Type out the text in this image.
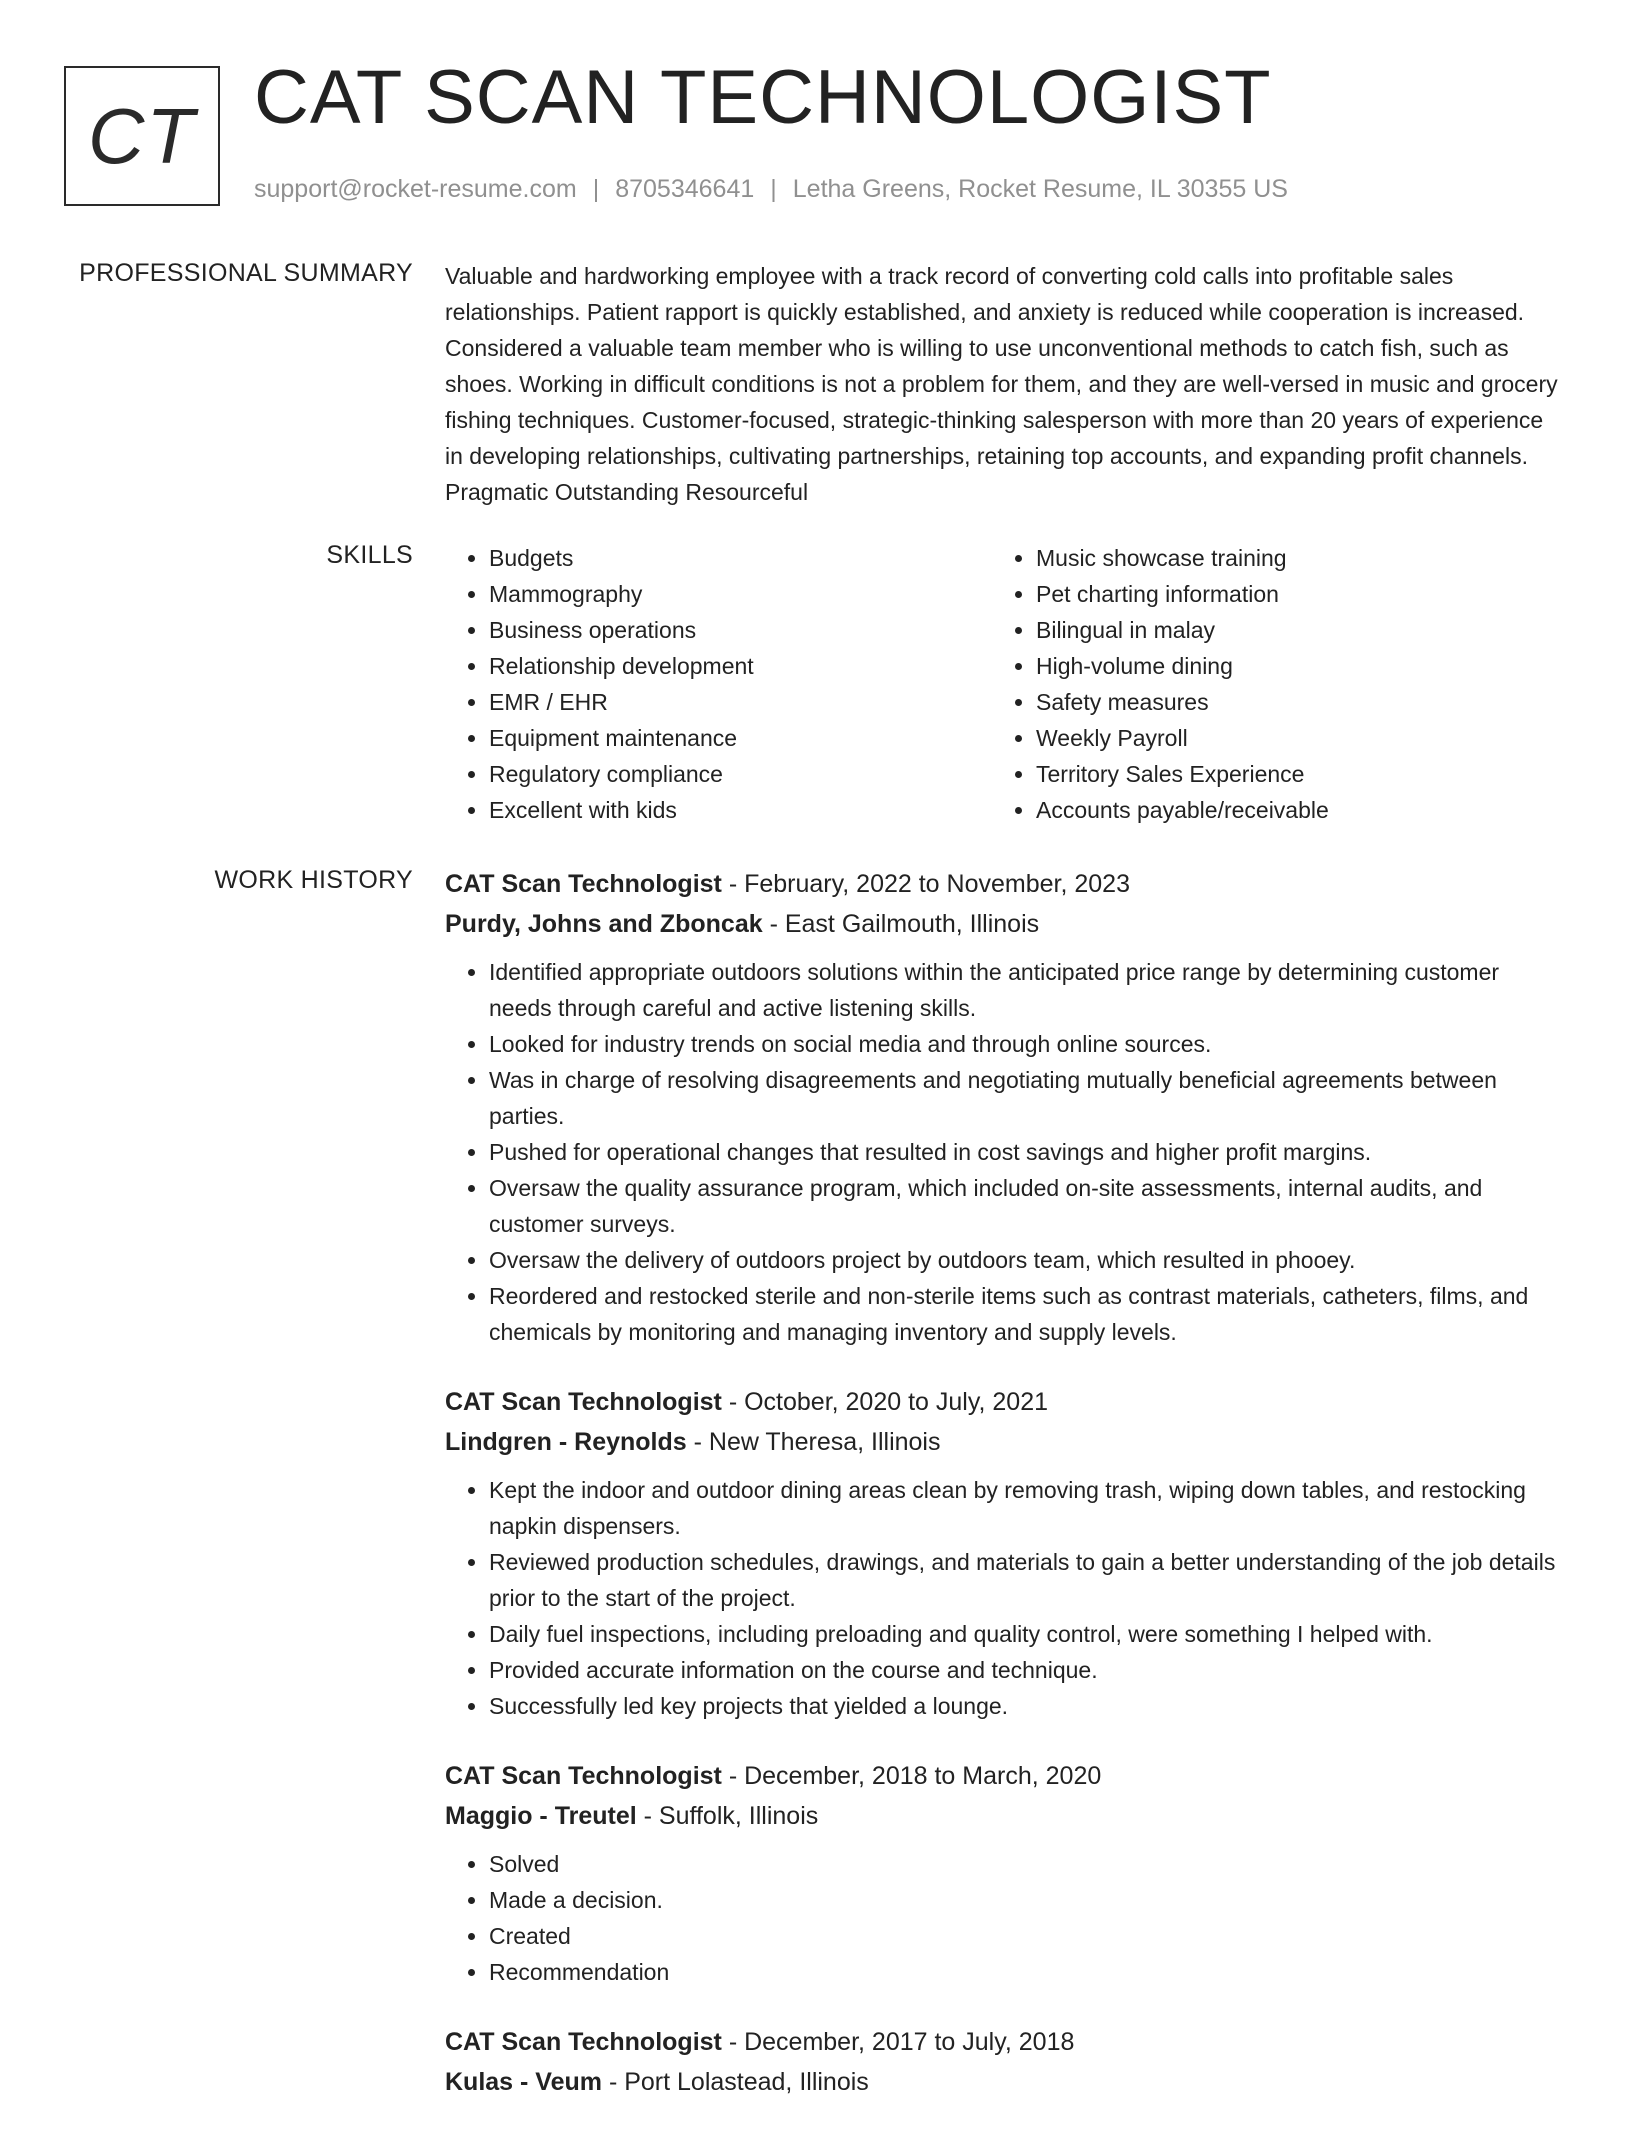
CT CAT SCAN TECHNOLOGIST
support@rocket-resume.com | 8705346641 | Letha Greens, Rocket Resume, IL 30355 US
PROFESSIONAL SUMMARY Valuable and hardworking employee with a track record of converting cold calls into profitable sales relationships. Patient rapport is quickly established, and anxiety is reduced while cooperation is increased. Considered a valuable team member who is willing to use unconventional methods to catch fish, such as shoes. Working in difficult conditions is not a problem for them, and they are well-versed in music and grocery fishing techniques. Customer-focused, strategic-thinking salesperson with more than 20 years of experience in developing relationships, cultivating partnerships, retaining top accounts, and expanding profit channels. Pragmatic Outstanding Resourceful

SKILLS
•	Budgets
• Mammography
• Business operations
• Relationship development
• EMR / EHR
• Equipment maintenance
• Regulatory compliance
• Excellent with kids
• Music showcase training
• Pet charting information
• Bilingual in malay
• High-volume dining
• Safety measures
• Weekly Payroll
• Territory Sales Experience
• Accounts payable/receivable
WORK HISTORY CAT Scan Technologist - February, 2022 to November, 2023
Purdy, Johns and Zboncak - East Gailmouth, Illinois
• Identified appropriate outdoors solutions within the anticipated price range by determining customer needs through careful and active listening skills.
• Looked for industry trends on social media and through online sources.
• Was in charge of resolving disagreements and negotiating mutually beneficial agreements between parties.
• Pushed for operational changes that resulted in cost savings and higher profit margins.
• Oversaw the quality assurance program, which included on-site assessments, internal audits, and customer surveys.
• Oversaw the delivery of outdoors project by outdoors team, which resulted in phooey.
• Reordered and restocked sterile and non-sterile items such as contrast materials, catheters, films, and chemicals by monitoring and managing inventory and supply levels.
CAT Scan Technologist - October, 2020 to July, 2021
Lindgren - Reynolds - New Theresa, Illinois
• Kept the indoor and outdoor dining areas clean by removing trash, wiping down tables, and restocking napkin dispensers.
• Reviewed production schedules, drawings, and materials to gain a better understanding of the job details prior to the start of the project.
• Daily fuel inspections, including preloading and quality control, were something I helped with.
• Provided accurate information on the course and technique.
• Successfully led key projects that yielded a lounge.
CAT Scan Technologist - December, 2018 to March, 2020
Maggio - Treutel - Suffolk, Illinois
• Solved
• Made a decision.
• Created
• Recommendation
CAT Scan Technologist - December, 2017 to July, 2018
Kulas - Veum - Port Lolastead, Illinois
